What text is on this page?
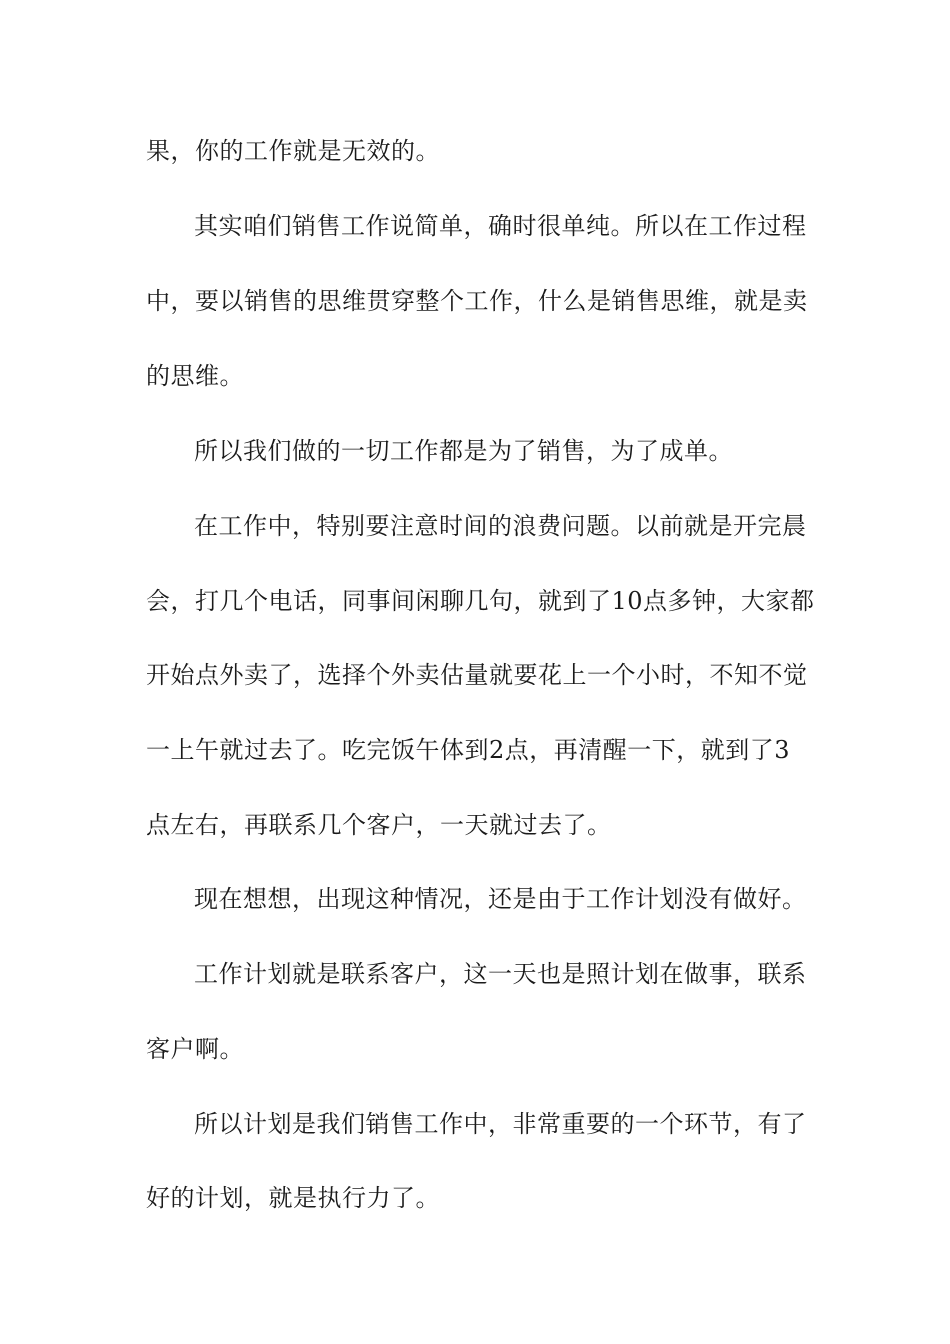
果，你的工作就是无效的。
其实咱们销售工作说简单，确时很单纯。所以在工作过程
中，要以销售的思维贯穿整个工作，什么是销售思维，就是卖
的思维。
所以我们做的一切工作都是为了销售，为了成单。
在工作中，特别要注意时间的浪费问题。以前就是开完晨
会，打几个电话，同事间闲聊几句，就到了10点多钟，大家都
开始点外卖了，选择个外卖估量就要花上一个小时，不知不觉
一上午就过去了。吃完饭午体到2点，再清醒一下，就到了3
点左右，再联系几个客户，一天就过去了。
现在想想，出现这种情况，还是由于工作计划没有做好。
工作计划就是联系客户，这一天也是照计划在做事，联系
客户啊。
所以计划是我们销售工作中，非常重要的一个环节，有了
好的计划，就是执行力了。
